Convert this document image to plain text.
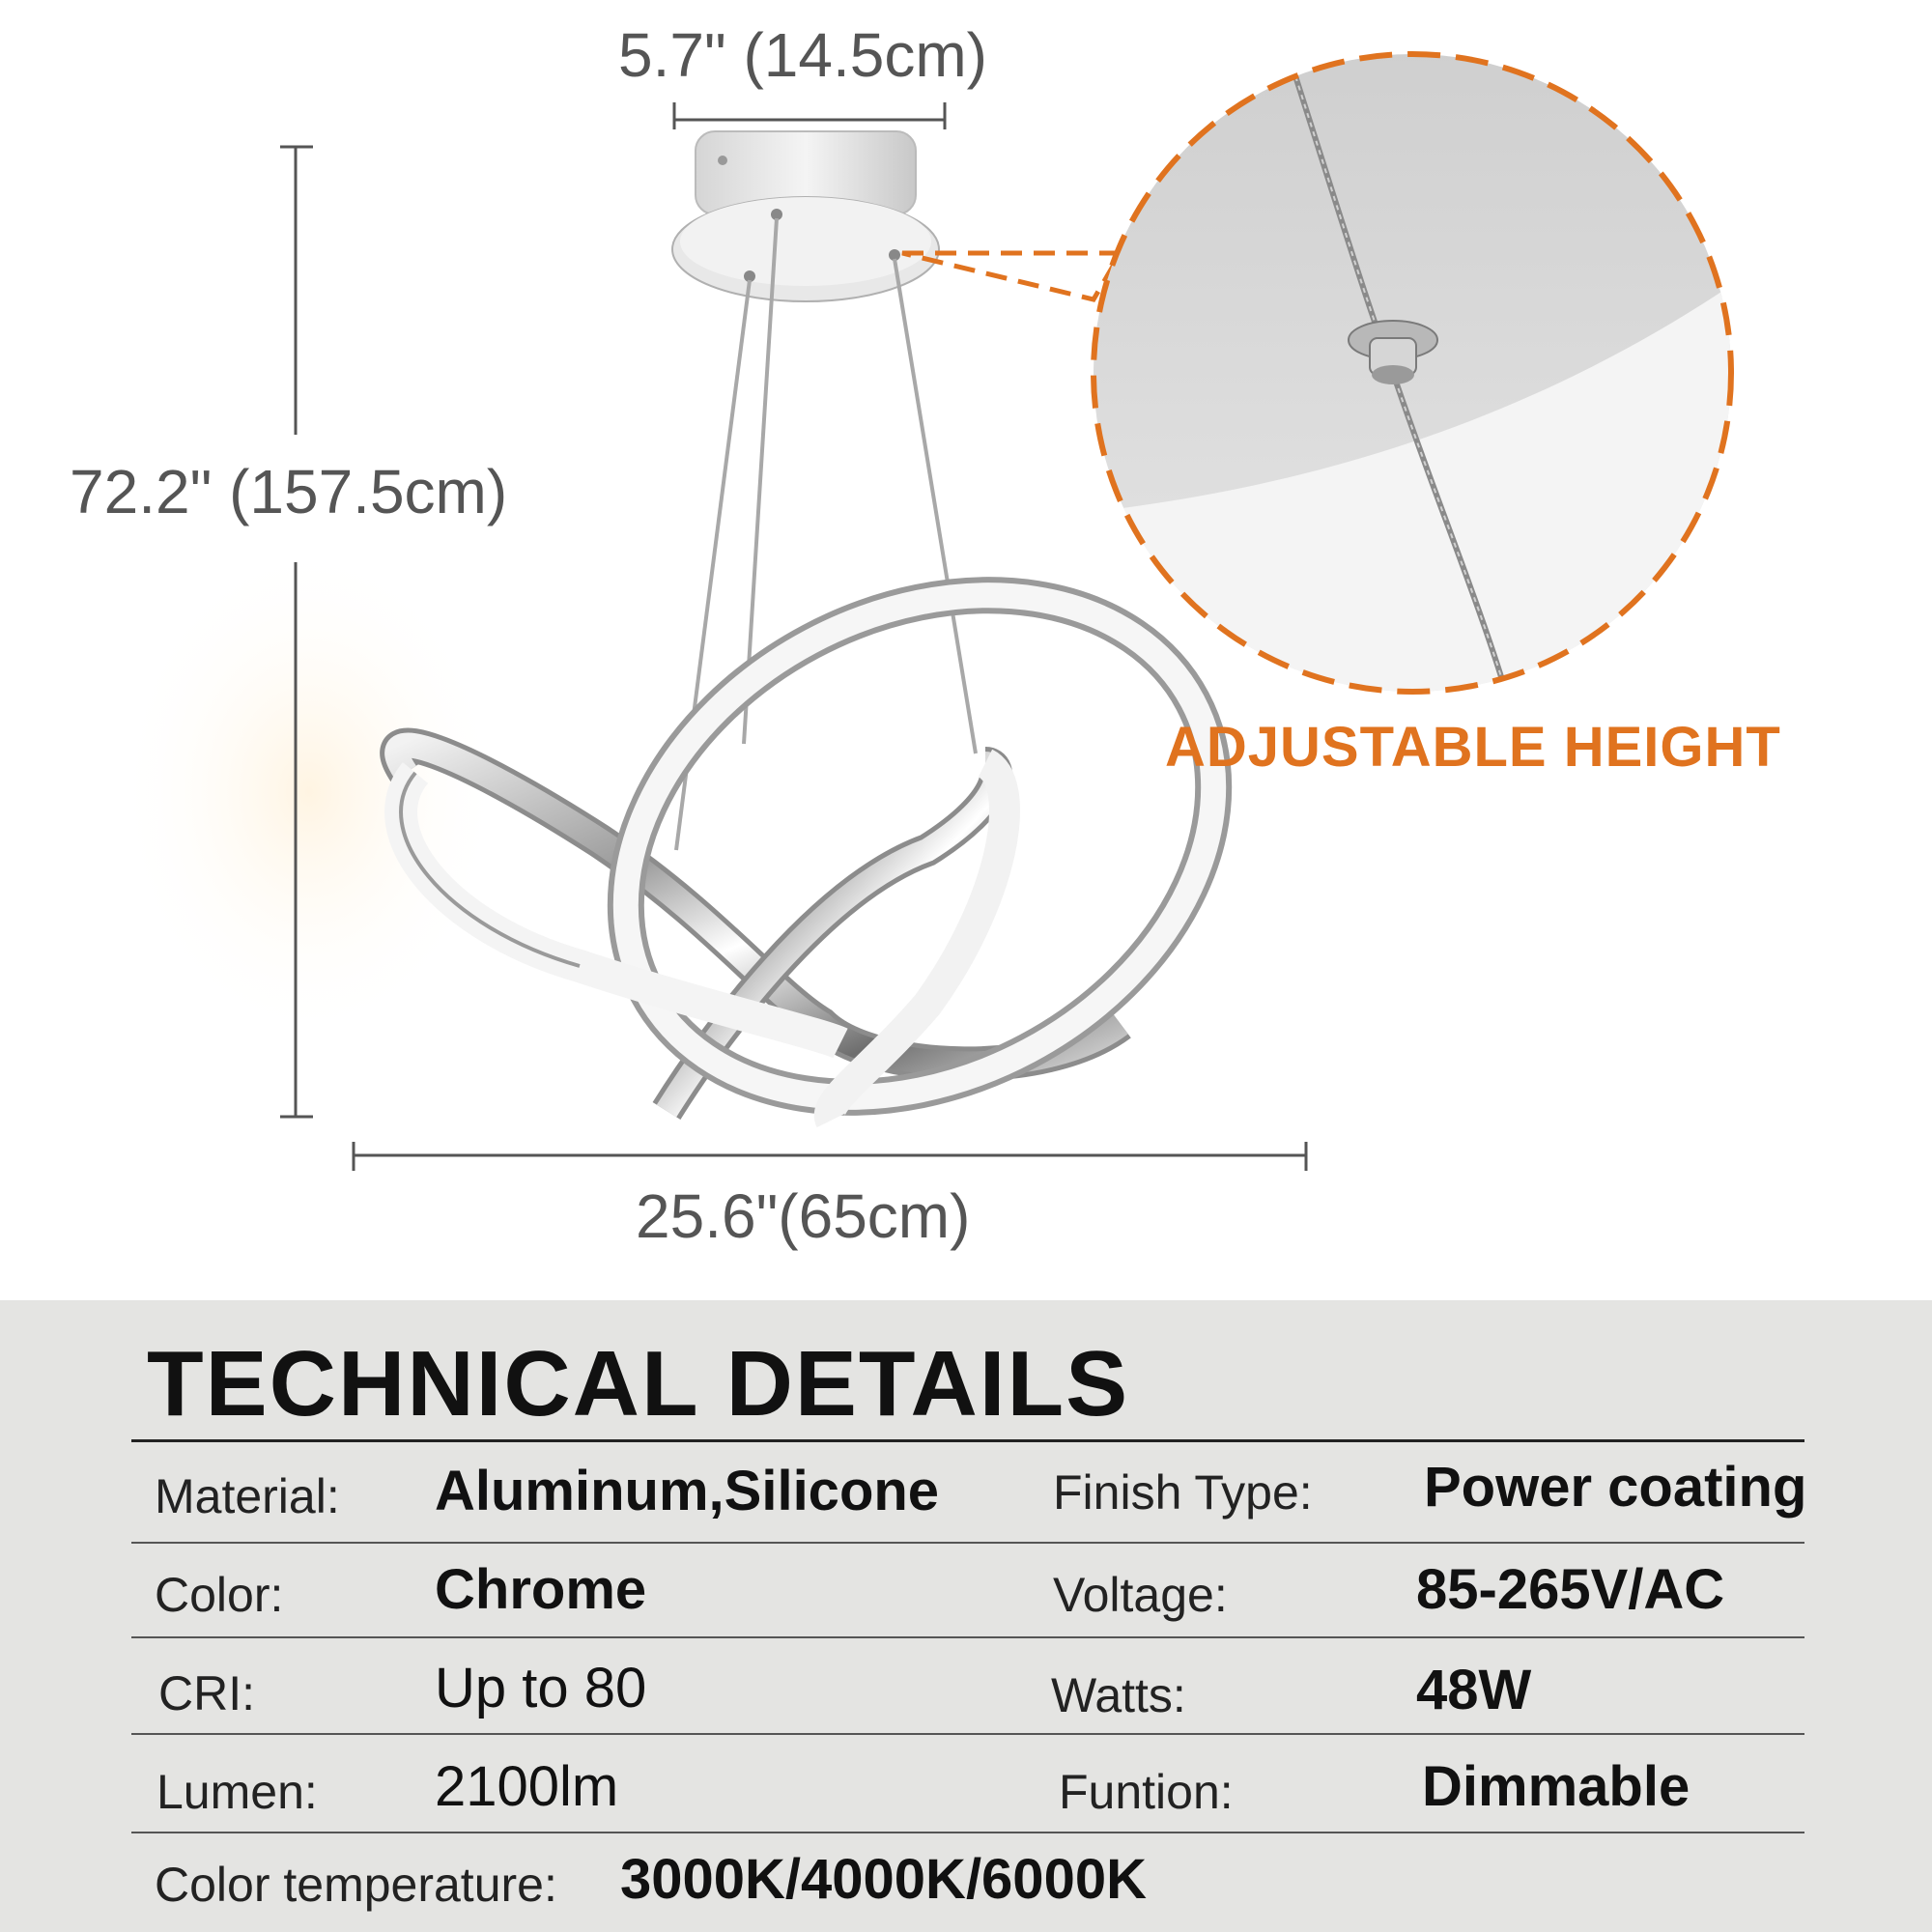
5.7" (14.5cm)
72.2" (157.5cm)
25.6"(65cm)
ADJUSTABLE HEIGHT
TECHNICAL DETAILS
Material: Aluminum,Silicone Finish Type: Power coating
Color:	Chrome	Voltage:	85-265V/AC
CRI:	Up to 80	Watts:	48W
Lumen: 2100lm	Funtion:	Dimmable
Color temperature: 3000K/4000K/6000K
